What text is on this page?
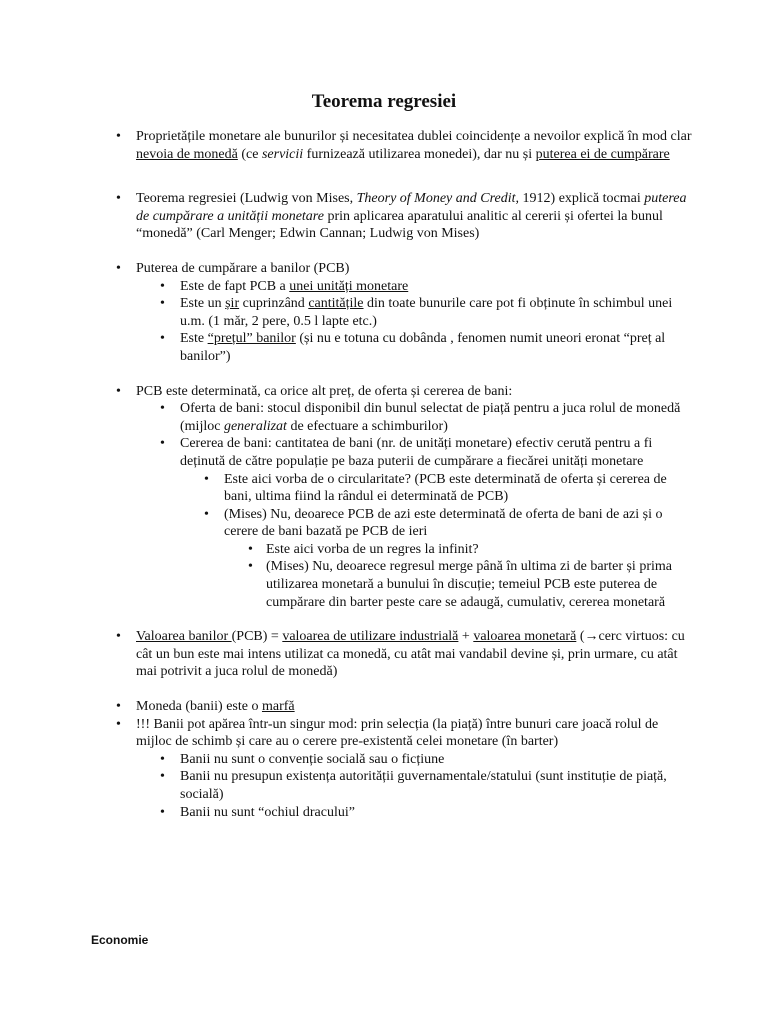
Teorema regresiei
• Proprietățile monetare ale bunurilor și necesitatea dublei coincidențe a nevoilor explică în mod clar nevoia de monedă (ce servicii furnizează utilizarea monedei), dar nu și puterea ei de cumpărare
• Teorema regresiei (Ludwig von Mises, Theory of Money and Credit, 1912) explică tocmai puterea de cumpărare a unității monetare prin aplicarea aparatului analitic al cererii și ofertei la bunul “monedă” (Carl Menger; Edwin Cannan; Ludwig von Mises)
• Puterea de cumpărare a banilor (PCB)
• Este de fapt PCB a unei unități monetare
• Este un șir cuprinzând cantitățile din toate bunurile care pot fi obținute în schimbul unei u.m. (1 măr, 2 pere, 0.5 l lapte etc.)
• Este “prețul” banilor (și nu e totuna cu dobânda , fenomen numit uneori eronat “preț al banilor”)
• PCB este determinată, ca orice alt preț, de oferta și cererea de bani:
• Oferta de bani: stocul disponibil din bunul selectat de piață pentru a juca rolul de monedă (mijloc generalizat de efectuare a schimburilor)
• Cererea de bani: cantitatea de bani (nr. de unități monetare) efectiv cerută pentru a fi deținută de către populație pe baza puterii de cumpărare a fiecărei unități monetare
• Este aici vorba de o circularitate? (PCB este determinată de oferta și cererea de bani, ultima fiind la rândul ei determinată de PCB)
• (Mises) Nu, deoarece PCB de azi este determinată de oferta de bani de azi și o cerere de bani bazată pe PCB de ieri
• Este aici vorba de un regres la infinit?
• (Mises) Nu, deoarece regresul merge până în ultima zi de barter și prima utilizarea monetară a bunului în discuție; temeiul PCB este puterea de cumpărare din barter peste care se adaugă, cumulativ, cererea monetară
• Valoarea banilor (PCB) = valoarea de utilizare industrială + valoarea monetară (→cerc virtuos: cu cât un bun este mai intens utilizat ca monedă, cu atât mai vandabil devine și, prin urmare, cu atât mai potrivit a juca rolul de monedă)
• Moneda (banii) este o marfă
• !!! Banii pot apărea într-un singur mod: prin selecția (la piață) între bunuri care joacă rolul de mijloc de schimb și care au o cerere pre-existentă celei monetare (în barter)
• Banii nu sunt o convenție socială sau o ficțiune
• Banii nu presupun existența autorității guvernamentale/statului (sunt instituție de piață, socială)
• Banii nu sunt “ochiul dracului”
Economie
